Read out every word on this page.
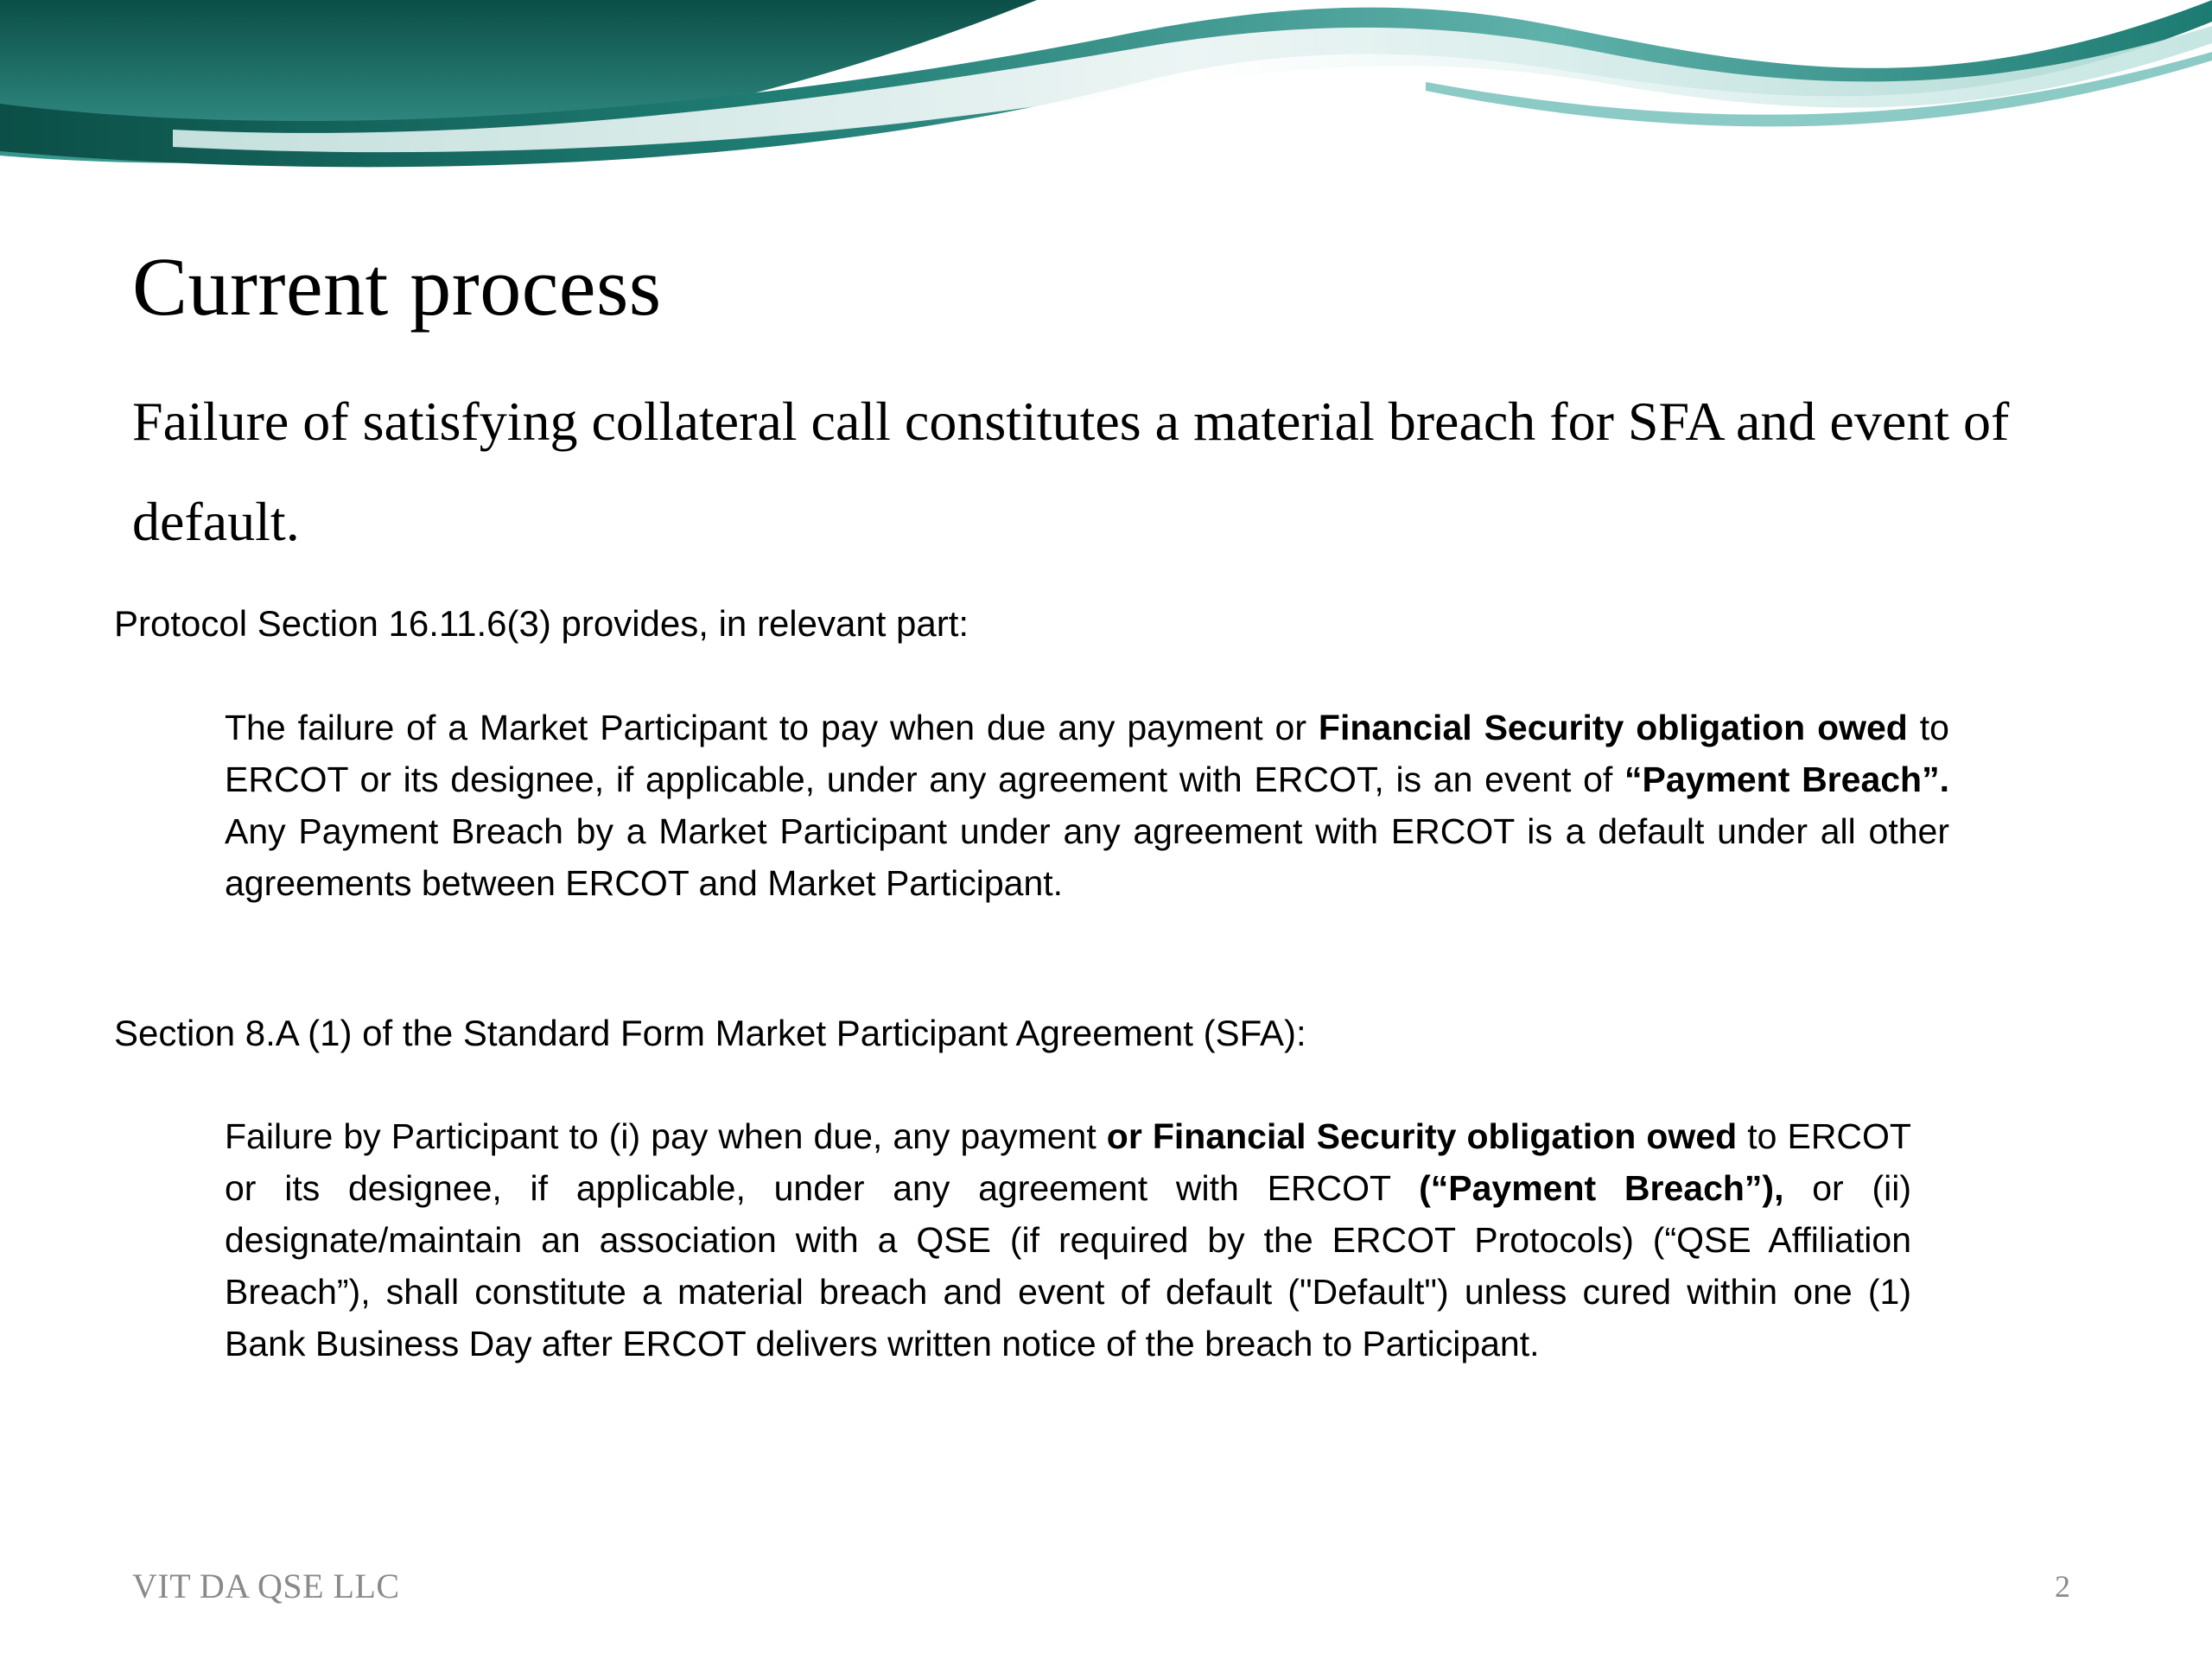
Current process

Failure of satisfying collateral call constitutes a material breach for SFA and event of default.

Protocol Section 16.11.6(3) provides, in relevant part:

The failure of a Market Participant to pay when due any payment or Financial Security obligation owed to ERCOT or its designee, if applicable, under any agreement with ERCOT, is an event of “Payment Breach”. Any Payment Breach by a Market Participant under any agreement with ERCOT is a default under all other agreements between ERCOT and Market Participant.

Section 8.A (1) of the Standard Form Market Participant Agreement (SFA):

Failure by Participant to (i) pay when due, any payment or Financial Security obligation owed to ERCOT or its designee, if applicable, under any agreement with ERCOT (“Payment Breach”), or (ii) designate/maintain an association with a QSE (if required by the ERCOT Protocols) (“QSE Affiliation Breach”), shall constitute a material breach and event of default ("Default") unless cured within one (1) Bank Business Day after ERCOT delivers written notice of the breach to Participant.

VIT DA QSE LLC	2
